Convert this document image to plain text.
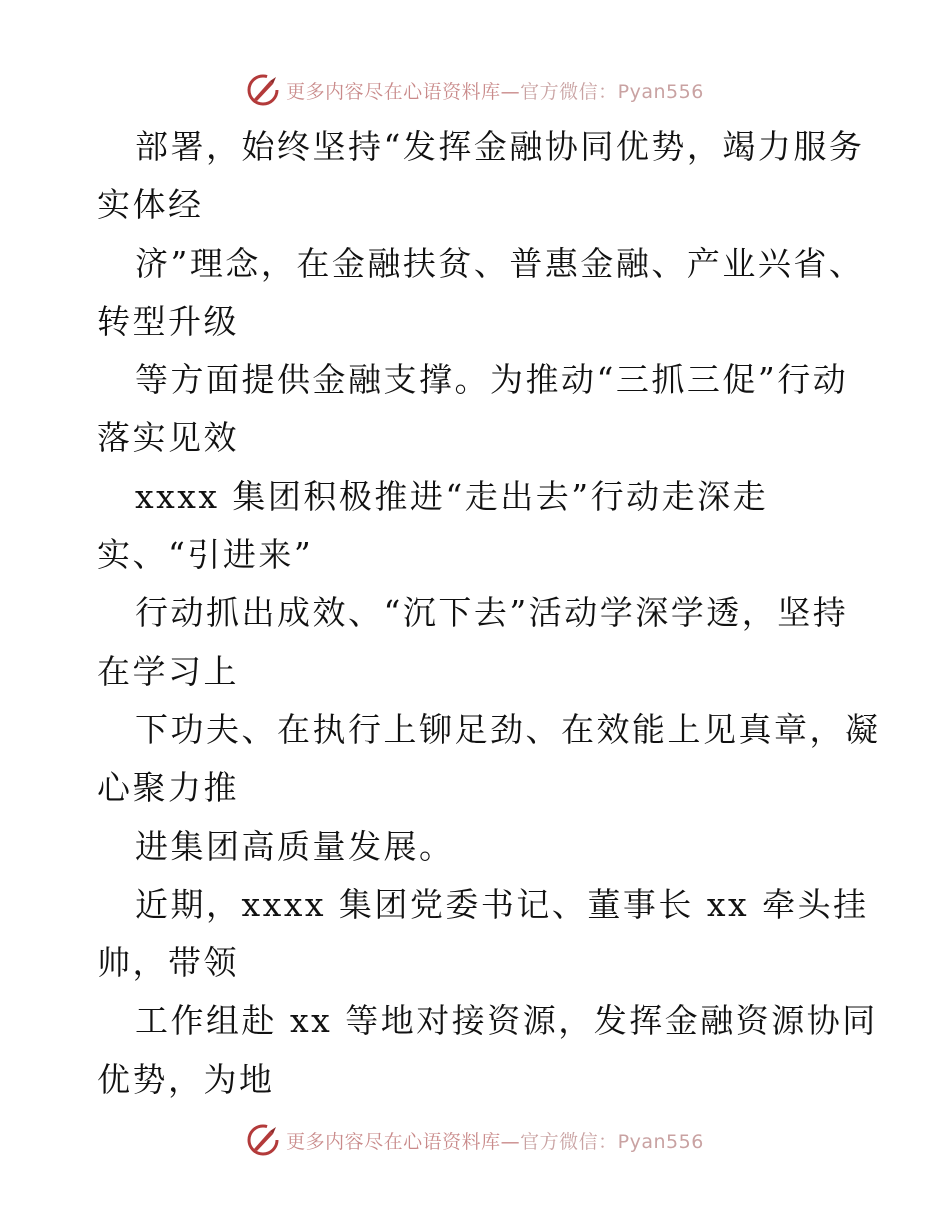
更多内容尽在心语资料库—官方微信：Pyan556
部署，始终坚持“发挥金融协同优势，竭力服务
实体经
济”理念，在金融扶贫、普惠金融、产业兴省、
转型升级
等方面提供金融支撑。为推动“三抓三促”行动
落实见效
xxxx 集团积极推进“走出去”行动走深走
实、“引进来”
行动抓出成效、“沉下去”活动学深学透，坚持
在学习上
下功夫、在执行上铆足劲、在效能上见真章，凝
心聚力推
进集团高质量发展。
近期，xxxx 集团党委书记、董事长 xx 牵头挂
帅，带领
工作组赴 xx 等地对接资源，发挥金融资源协同
优势，为地
更多内容尽在心语资料库—官方微信：Pyan556
